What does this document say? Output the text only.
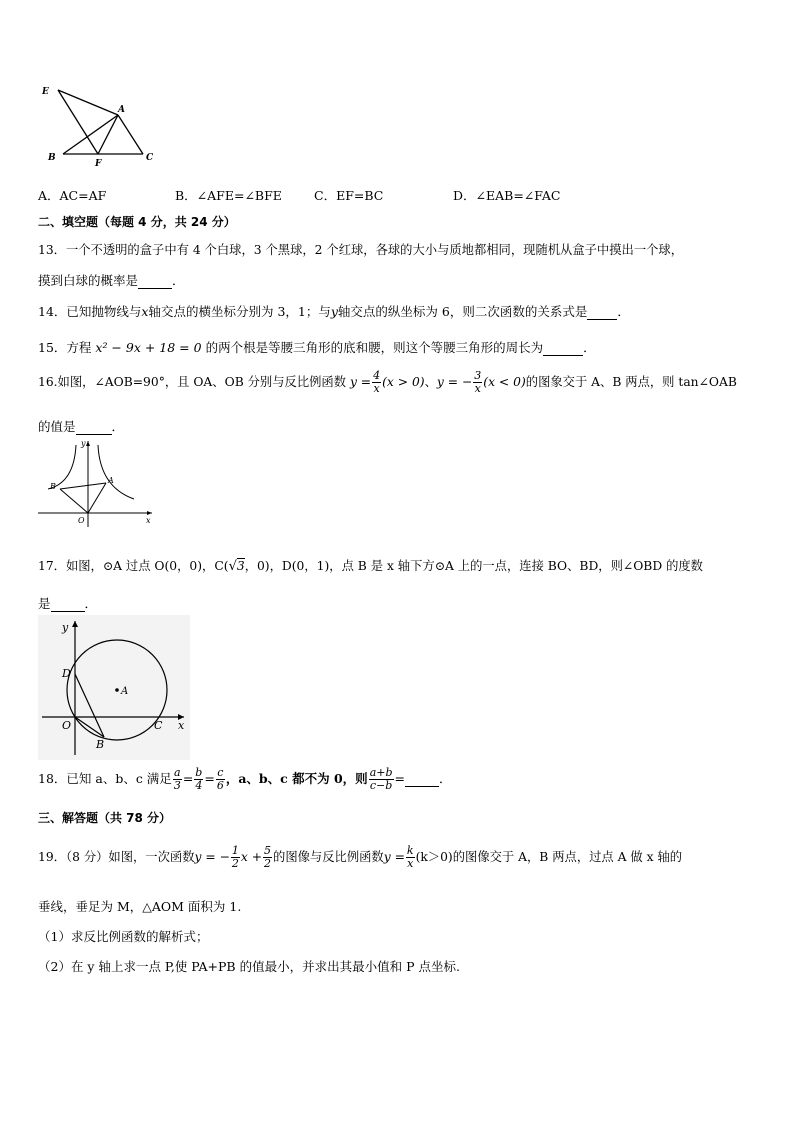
E
A
B
F
C
A．AC=AF	B．∠AFE=∠BFE	C．EF=BC	D．∠EAB=∠FAC
二、填空题（每题 4 分，共 24 分）
13．一个不透明的盒子中有 4 个白球，3 个黑球，2 个红球，各球的大小与质地都相同，现随机从盒子中摸出一个球，
摸到白球的概率是	．
14．已知抛物线与x轴交点的横坐标分别为 3，1；与y轴交点的纵坐标为 6，则二次函数的关系式是 ．
15．方程 x² − 9x + 18 = 0 的两个根是等腰三角形的底和腰，则这个等腰三角形的周长为	．
16.如图，∠AOB=90°，且 OA、OB 分别与反比例函数 $y = \frac{4}{x} (x > 0)$、y = − $\frac{3}{x} (x < 0)$的图象交于 A、B 两点，则 tan∠OAB
的值是	．
y
x
A
B
O
17．如图，⊙A 过点 O(0，0)，C(√3，0)，D(0，1)，点 B 是 x 轴下方⊙A 上的一点，连接 BO、BD，则∠OBD 的度数
是	．
y
x
D
A
O	C
B
18．已知 a、b、c 满足 $\frac{a}{3} = \frac{b}{4} = \frac{c}{6}$ ，a、b、c 都不为 0，则 $\frac{a+b}{c-b}$ =	．
三、解答题（共 78 分）
19．（8 分）如图，一次函数y = − $\frac{1}{2}$ $x + \frac{5}{2}$ 的图像与反比例函数$y = \frac{k}{x} (k>0)$的图像交于 A，B 两点，过点 A 做 x 轴的
垂线，垂足为 M，△AOM 面积为 1.
（1）求反比例函数的解析式；
（2）在 y 轴上求一点 P,使 PA+PB 的值最小，并求出其最小值和 P 点坐标.
